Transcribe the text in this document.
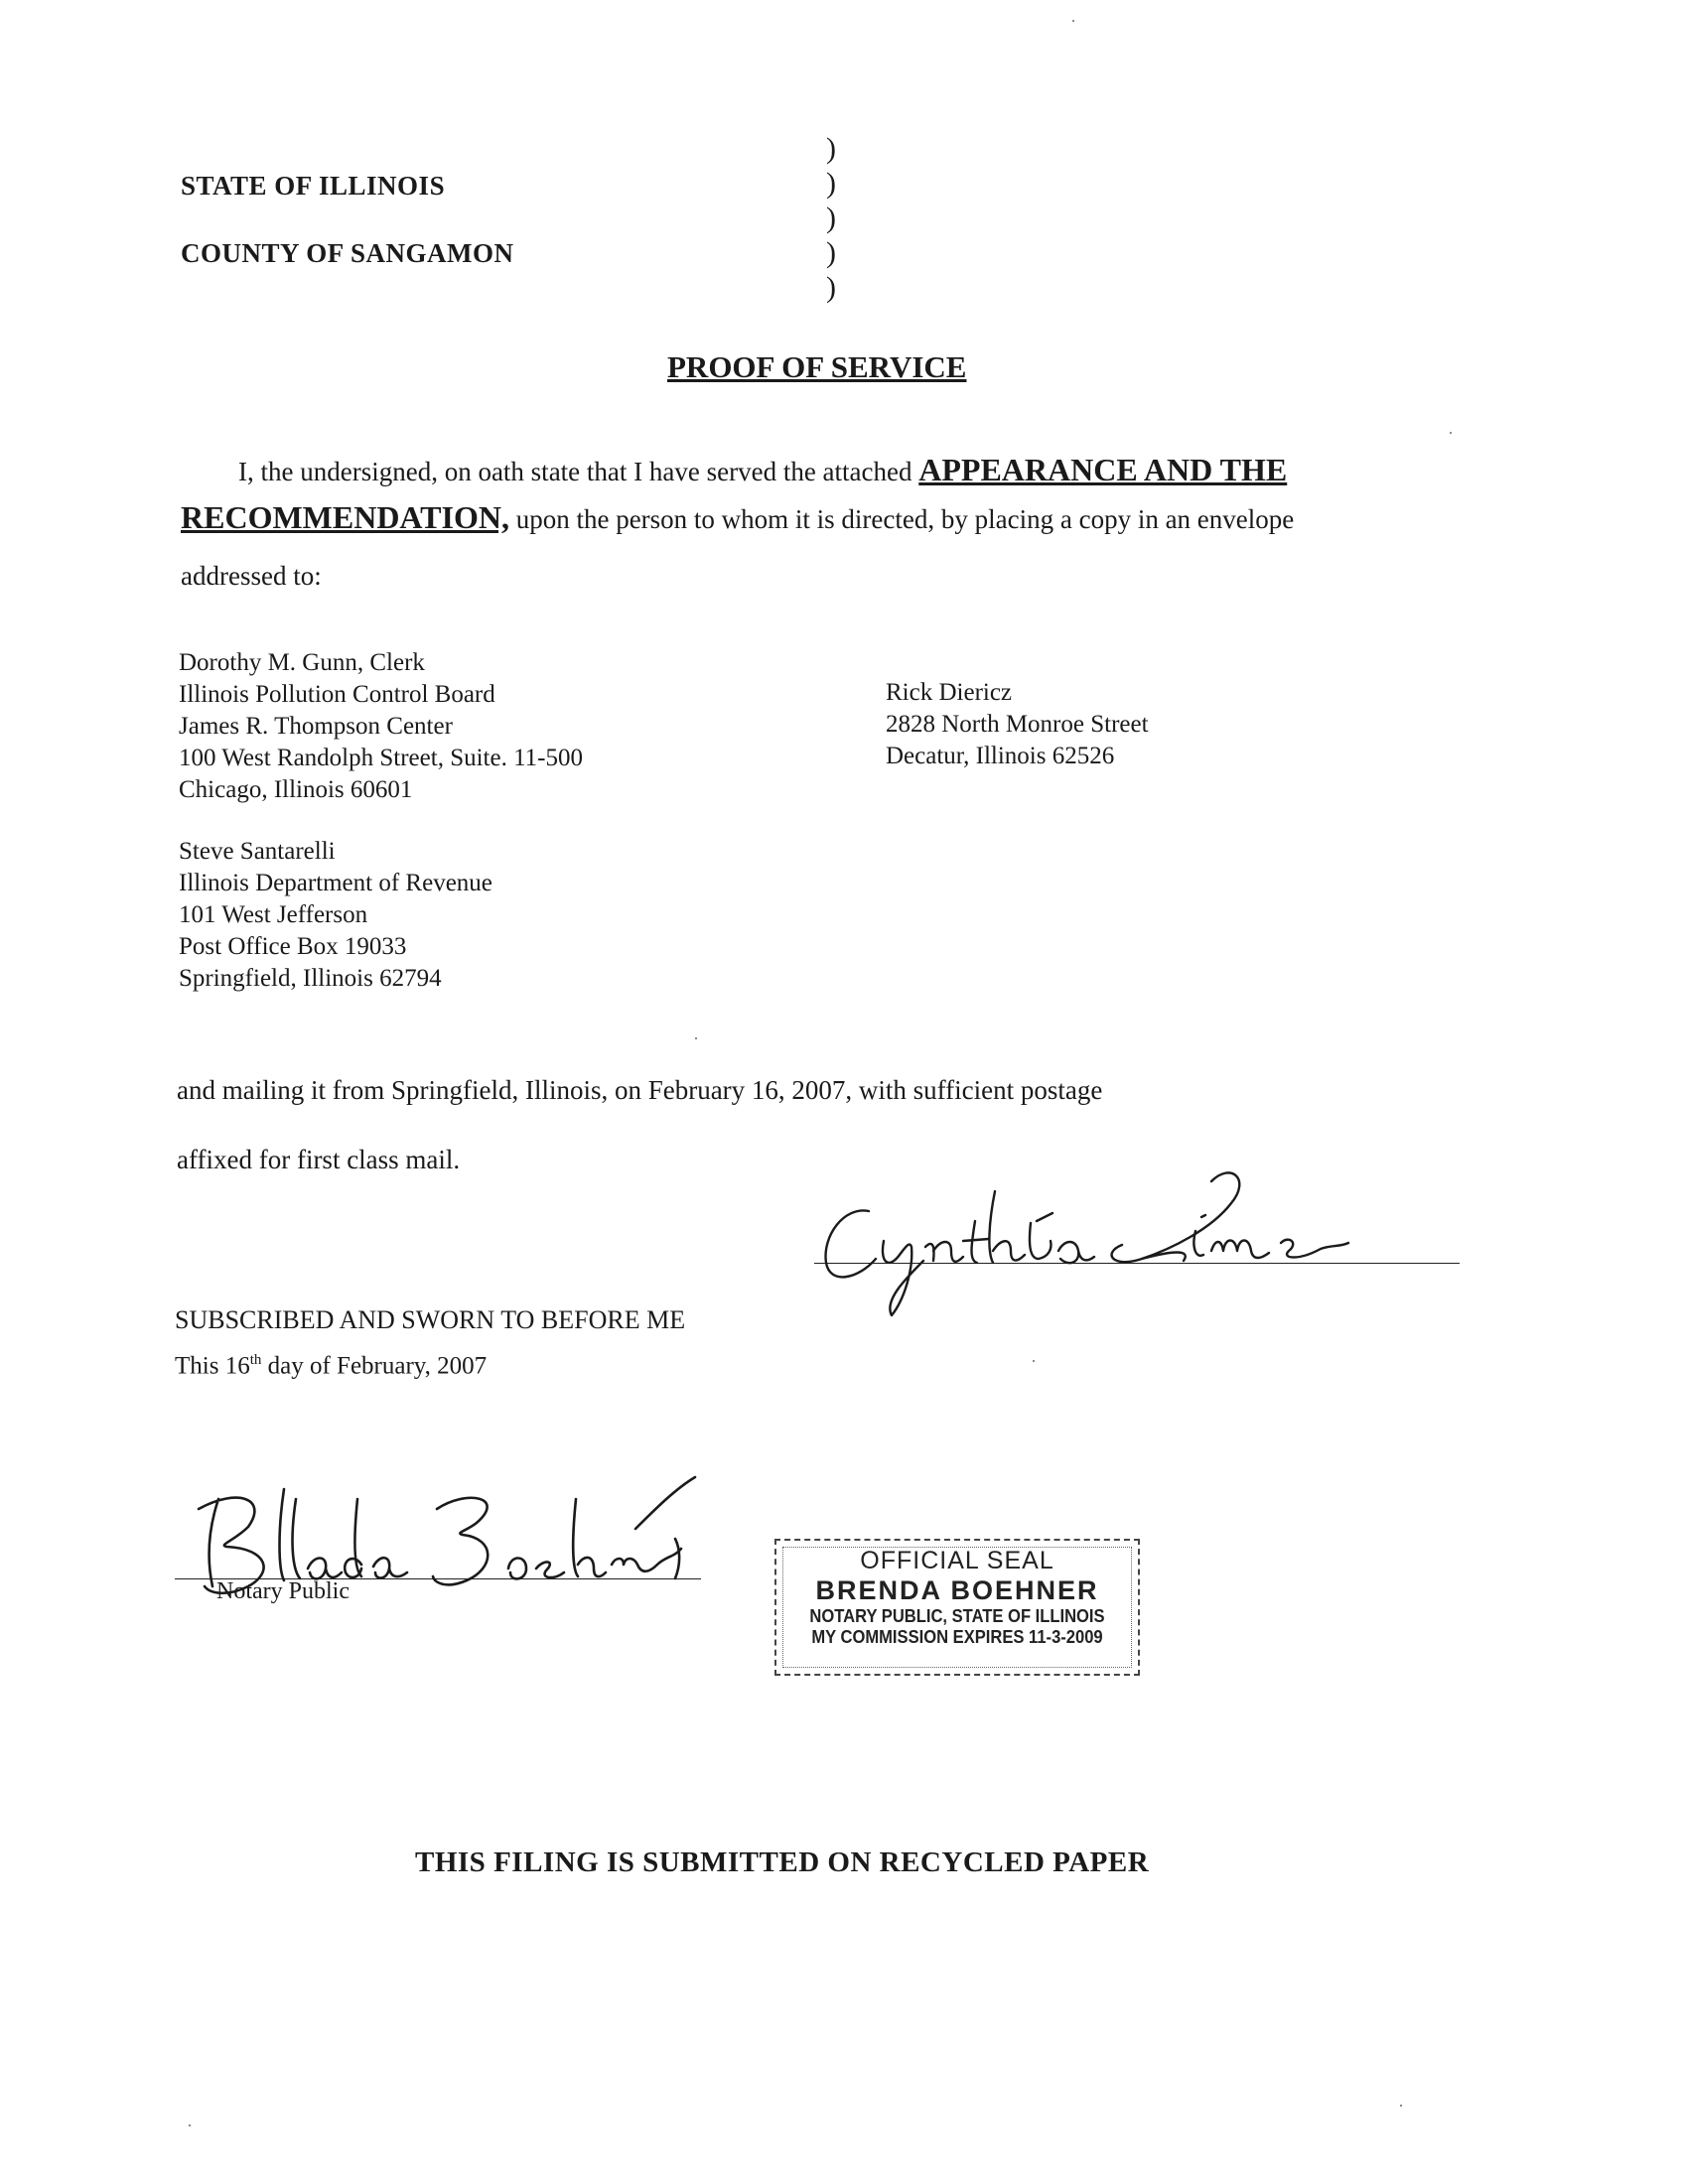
STATE OF ILLINOIS
COUNTY OF SANGAMON
)
)
)
)
)
PROOF OF SERVICE
I, the undersigned, on oath state that I have served the attached APPEARANCE AND THE
RECOMMENDATION, upon the person to whom it is directed, by placing a copy in an envelope
addressed to:
Dorothy M. Gunn, Clerk
Illinois Pollution Control Board
James R. Thompson Center
100 West Randolph Street, Suite. 11-500
Chicago, Illinois 60601
Rick Diericz
2828 North Monroe Street
Decatur, Illinois 62526
Steve Santarelli
Illinois Department of Revenue
101 West Jefferson
Post Office Box 19033
Springfield, Illinois 62794
and mailing it from Springfield, Illinois, on February 16, 2007, with sufficient postage
affixed for first class mail.
SUBSCRIBED AND SWORN TO BEFORE ME
This 16th day of February, 2007
Notary Public
OFFICIAL SEAL
BRENDA BOEHNER
NOTARY PUBLIC, STATE OF ILLINOIS
MY COMMISSION EXPIRES 11-3-2009
THIS FILING IS SUBMITTED ON RECYCLED PAPER
